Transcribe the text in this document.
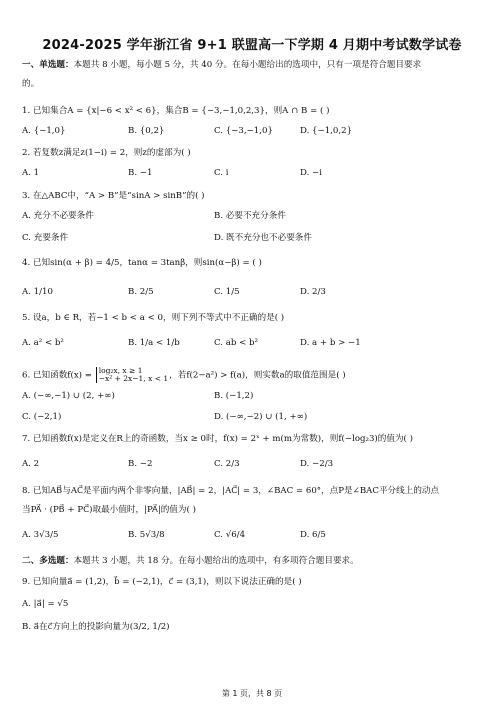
2024-2025 学年浙江省 9+1 联盟高一下学期 4 月期中考试数学试卷
一、单选题：本题共 8 小题，每小题 5 分，共 40 分。在每小题给出的选项中，只有一项是符合题目要求
的。
1. 已知集合A = {x|−6 < x² < 6}，集合B = {−3,−1,0,2,3}，则A ∩ B = ( )
A. {−1,0}	B. {0,2}	C. {−3,−1,0}	D. {−1,0,2}
2. 若复数z满足z(1−i) = 2，则z的虚部为( )
A. 1	B. −1	C. i	D. −i
3. 在△ABC中，“A > B”是“sinA > sinB”的( )
A. 充分不必要条件	B. 必要不充分条件
C. 充要条件	D. 既不充分也不必要条件
4. 已知sin(α + β) = 4/5，tanα = 3tanβ，则sin(α−β) = ( )
A. 1/10	B. 2/5	C. 1/5	D. 2/3
5. 设a，b ∈ R，若−1 < b < a < 0，则下列不等式中不正确的是( )
A. a² < b²	B. 1/a < 1/b	C. ab < b²	D. a + b > −1
6. 已知函数f(x) = log₂x, x ≥ 1
−x² + 2x−1, x < 1 ，若f(2−a²) > f(a)，则实数a的取值范围是( )
A. (−∞,−1) ∪ (2, +∞)	B. (−1,2)
C. (−2,1)	D. (−∞,−2) ∪ (1, +∞)
7. 已知函数f(x)是定义在R上的奇函数，当x ≥ 0时，f(x) = 2ˣ + m(m为常数)，则f(−log₂3)的值为( )
A. 2	B. −2	C. 2/3	D. −2/3
8. 已知AB⃗与AC⃗是平面内两个非零向量，|AB⃗| = 2，|AC⃗| = 3，∠BAC = 60°，点P是∠BAC平分线上的动点
当PA⃗ · (PB⃗ + PC⃗)取最小值时，|PA⃗|的值为( )
A. 3√3/5	B. 5√3/8	C. √6/4	D. 6/5
二、多选题：本题共 3 小题，共 18 分。在每小题给出的选项中，有多项符合题目要求。
9. 已知向量a⃗ = (1,2)，b⃗ = (−2,1)，c⃗ = (3,1)，则以下说法正确的是( )
A. |a⃗| = √5
B. a⃗在c⃗方向上的投影向量为(3/2, 1/2)
第 1 页，共 8 页
